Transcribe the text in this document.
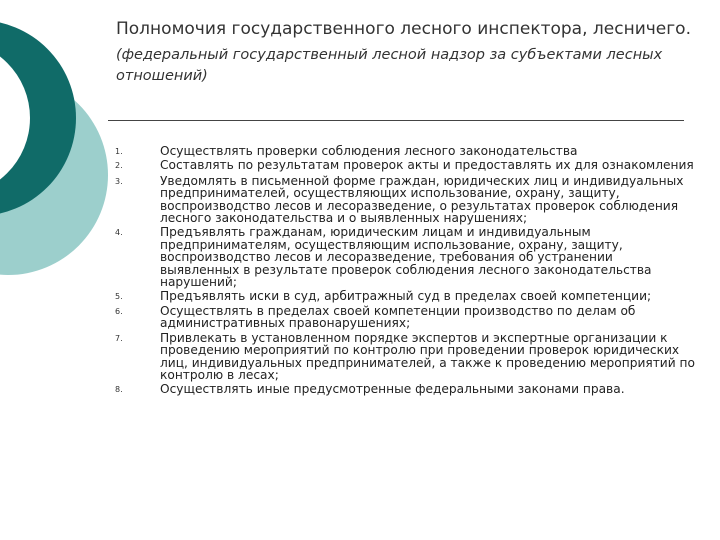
Полномочия государственного лесного инспектора, лесничего.

(федеральный государственный лесной надзор за субъектами лесных отношений)

1.	Осуществлять проверки соблюдения лесного законодательства
2.	Составлять по результатам проверок акты и предоставлять их для ознакомления
3.	Уведомлять в письменной форме граждан, юридических лиц и индивидуальных предпринимателей, осуществляющих использование, охрану, защиту, воспроизводство лесов и лесоразведение, о результатах проверок соблюдения лесного законодательства и о выявленных нарушениях;
4.	Предъявлять гражданам, юридическим лицам и индивидуальным предпринимателям, осуществляющим использование, охрану, защиту, воспроизводство лесов и лесоразведение, требования об устранении выявленных в результате проверок соблюдения лесного законодательства нарушений;
5.	Предъявлять иски в суд, арбитражный суд в пределах своей компетенции;
6.	Осуществлять в пределах своей компетенции производство по делам об административных правонарушениях;
7.	Привлекать в установленном порядке экспертов и экспертные организации к проведению мероприятий по контролю при проведении проверок юридических лиц, индивидуальных предпринимателей, а также к проведению мероприятий по контролю в лесах;
8.	Осуществлять иные предусмотренные федеральными законами права.
